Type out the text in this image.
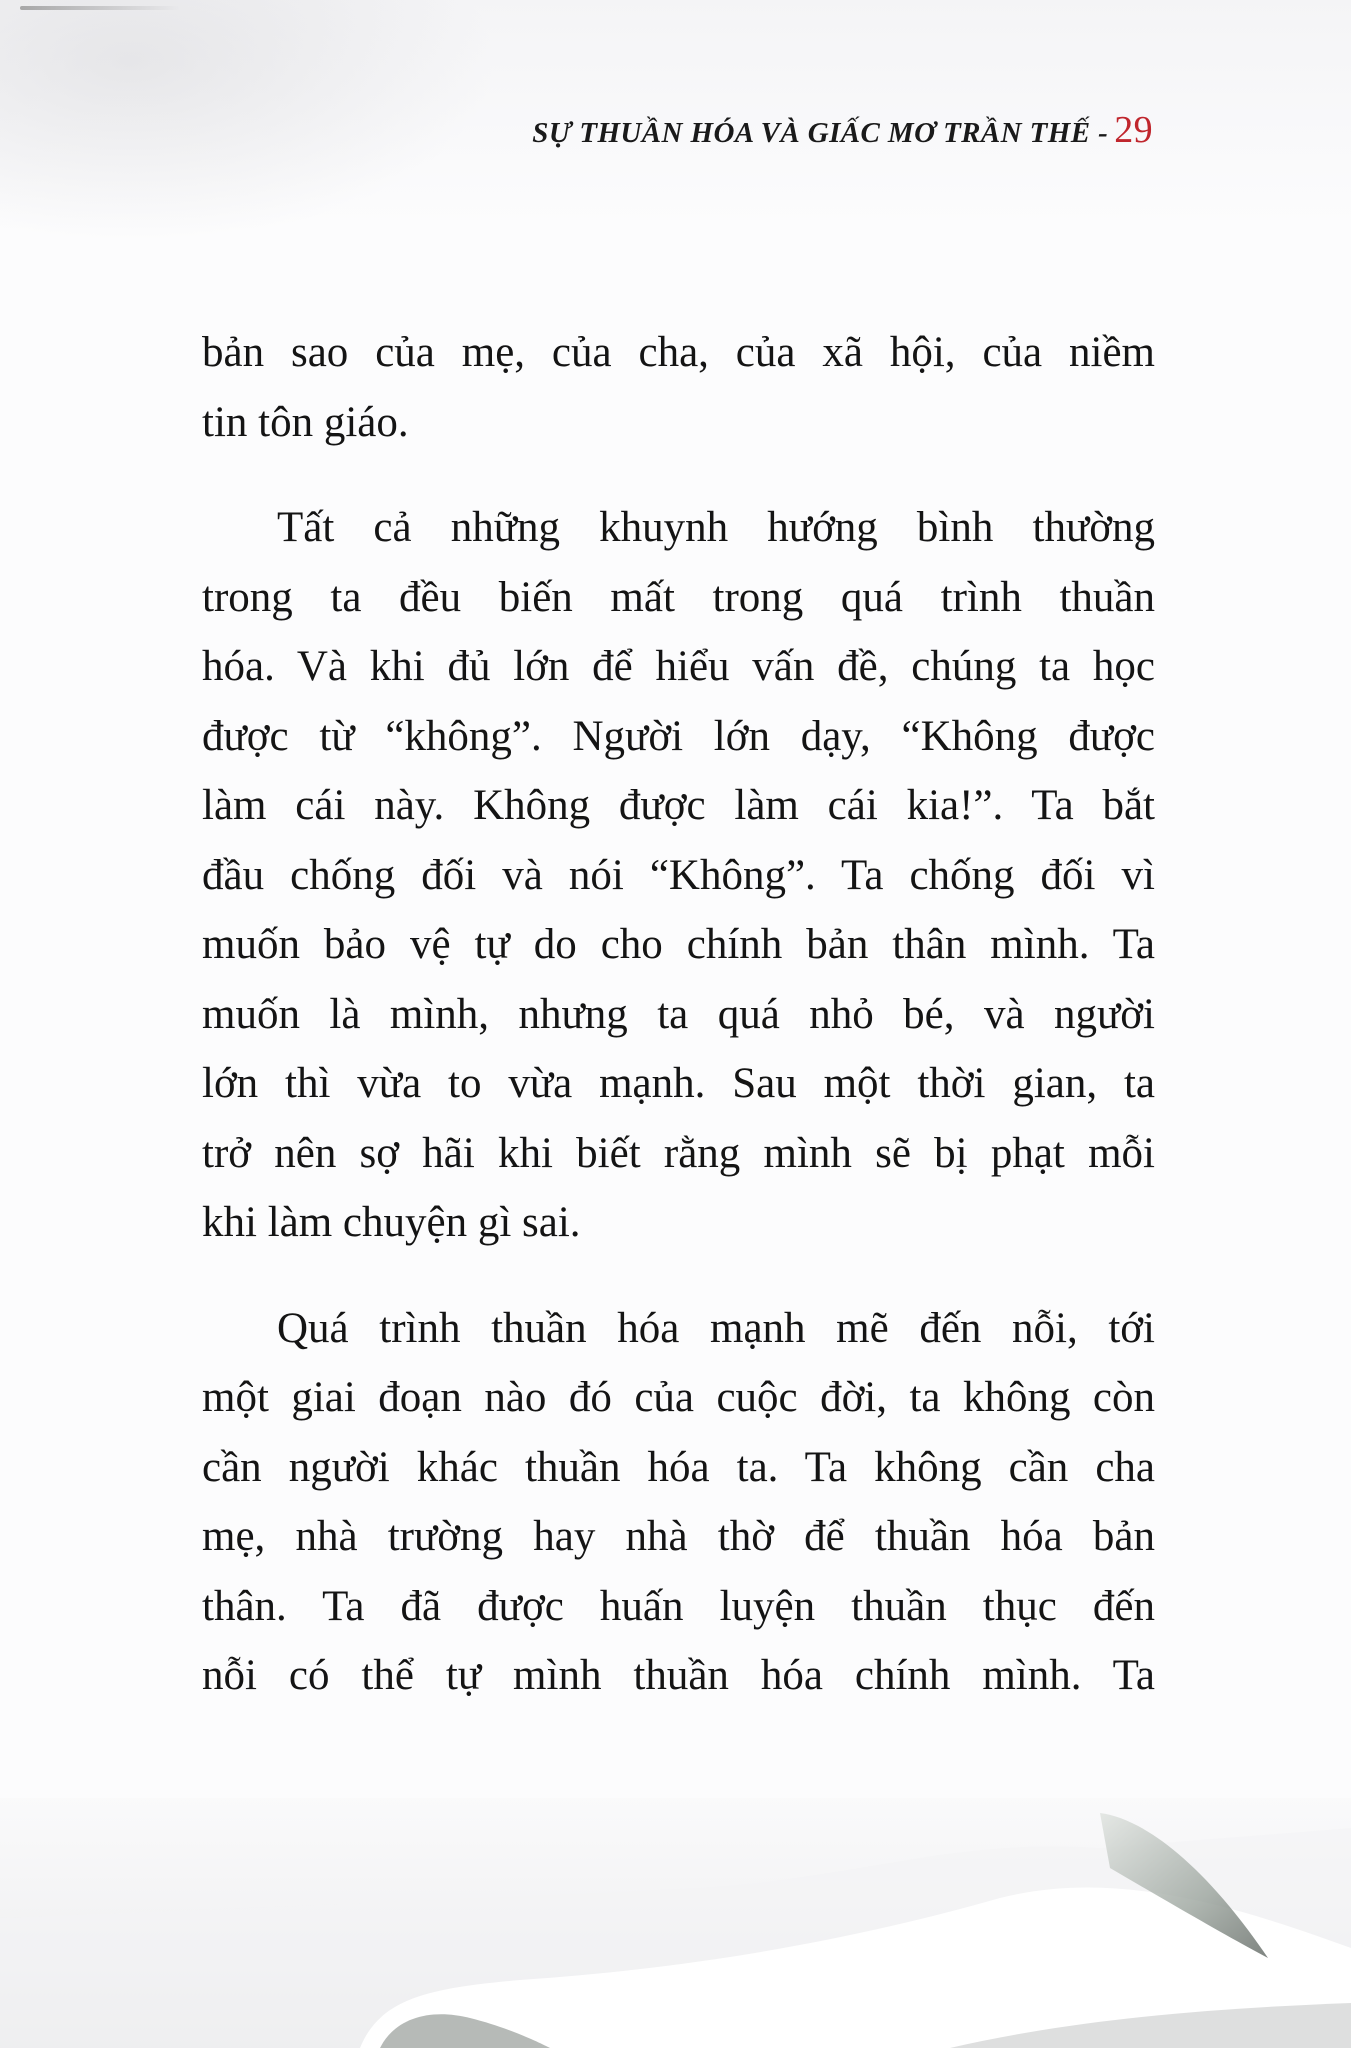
SỰ THUẦN HÓA VÀ GIẤC MƠ TRẦN THẾ - 29

bản sao của mẹ, của cha, của xã hội, của niềm
tin tôn giáo.

Tất cả những khuynh hướng bình thường
trong ta đều biến mất trong quá trình thuần
hóa. Và khi đủ lớn để hiểu vấn đề, chúng ta học
được từ “không”. Người lớn dạy, “Không được
làm cái này. Không được làm cái kia!”. Ta bắt
đầu chống đối và nói “Không”. Ta chống đối vì
muốn bảo vệ tự do cho chính bản thân mình. Ta
muốn là mình, nhưng ta quá nhỏ bé, và người
lớn thì vừa to vừa mạnh. Sau một thời gian, ta
trở nên sợ hãi khi biết rằng mình sẽ bị phạt mỗi
khi làm chuyện gì sai.

Quá trình thuần hóa mạnh mẽ đến nỗi, tới
một giai đoạn nào đó của cuộc đời, ta không còn
cần người khác thuần hóa ta. Ta không cần cha
mẹ, nhà trường hay nhà thờ để thuần hóa bản
thân. Ta đã được huấn luyện thuần thục đến
nỗi có thể tự mình thuần hóa chính mình. Ta
